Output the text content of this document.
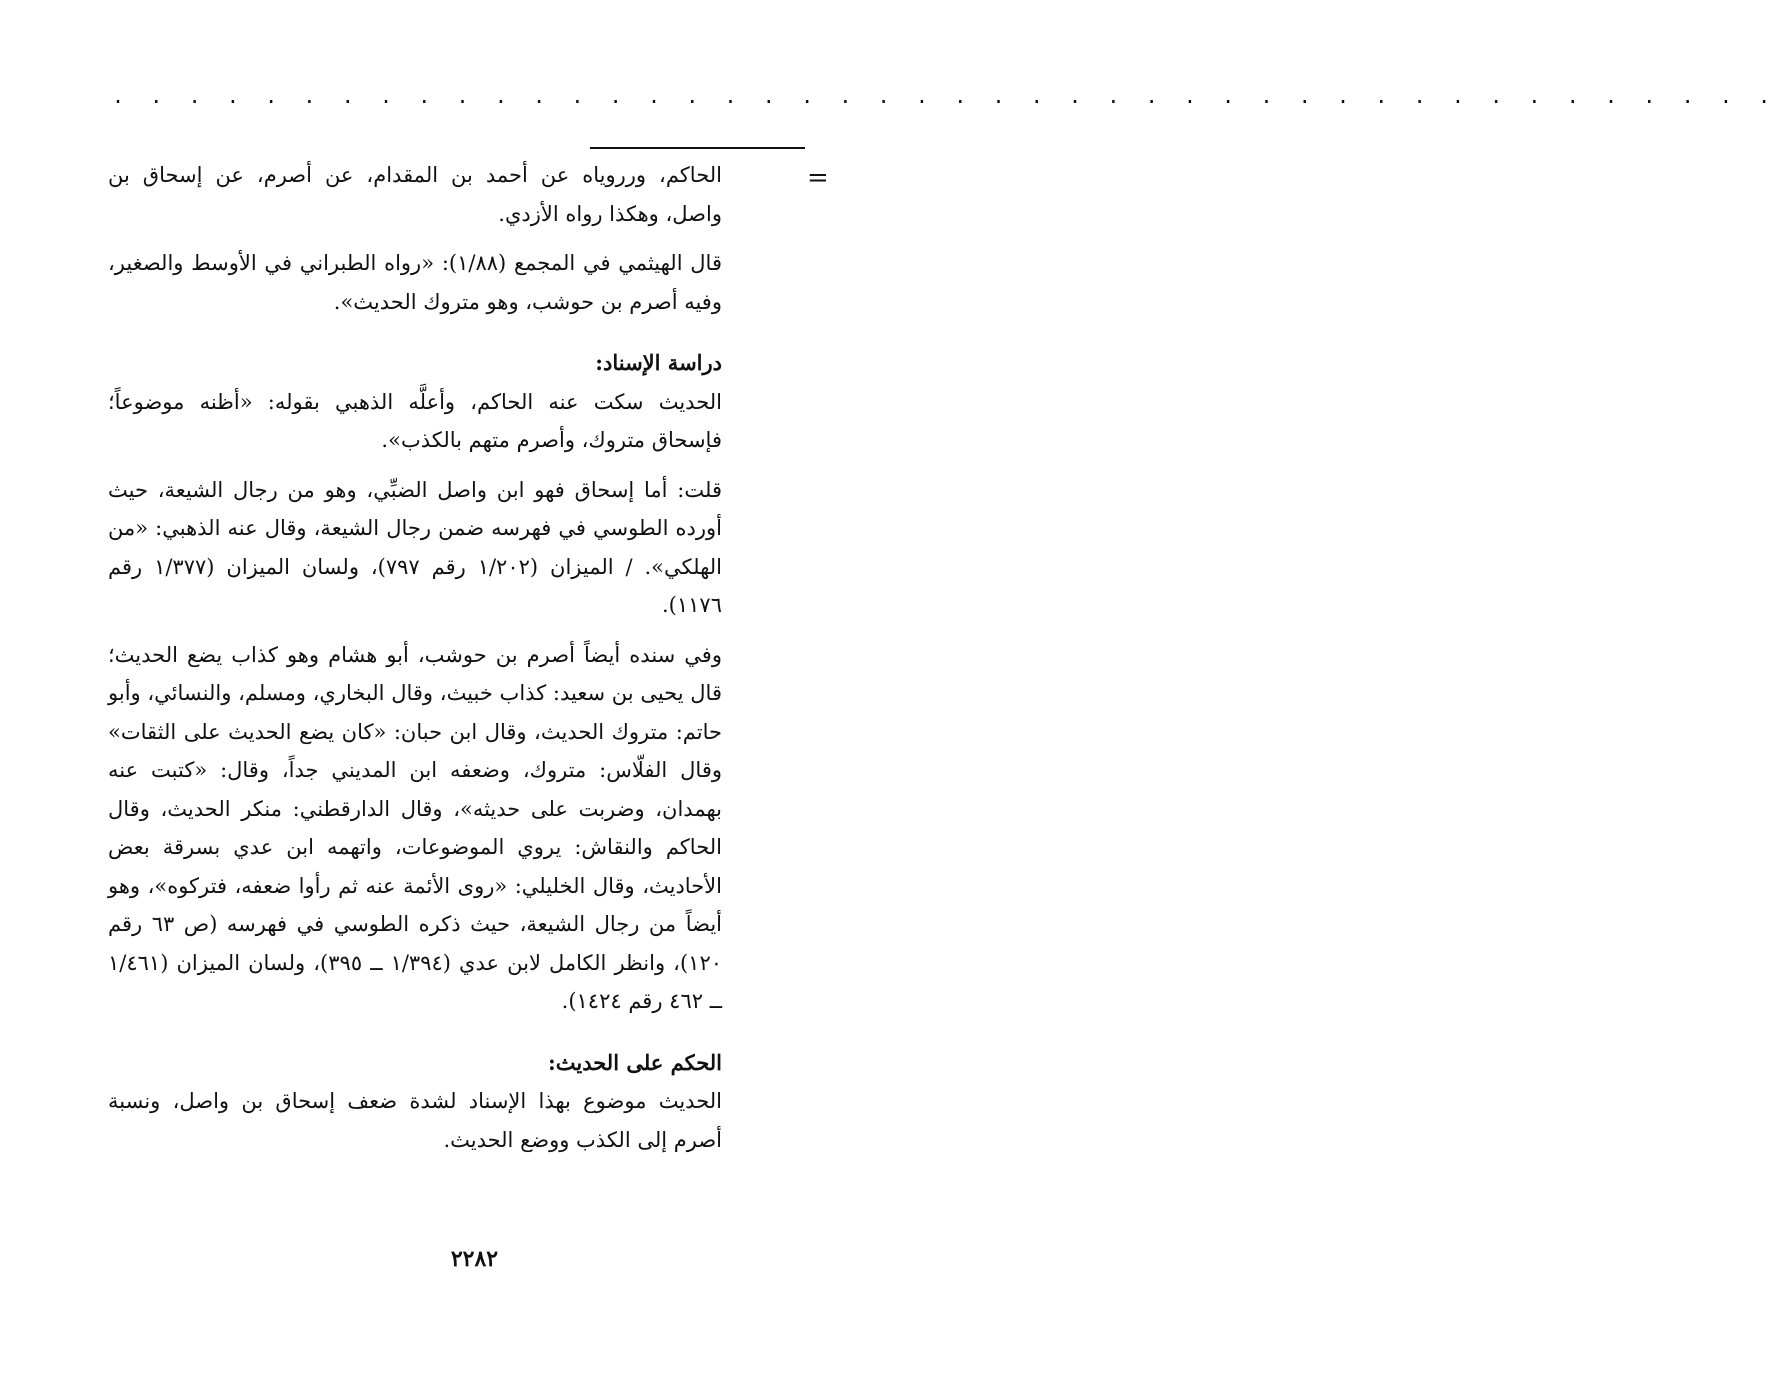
. . . . . . . . . . . . . . . . . . . . . . . . . . . . . . . . . . . . . . . . . . . .
=

الحاكم، ورروياه عن أحمد بن المقدام، عن أصرم، عن إسحاق بن واصل، وهكذا رواه الأزدي.

قال الهيثمي في المجمع (١/٨٨): «رواه الطبراني في الأوسط والصغير، وفيه أصرم بن حوشب، وهو متروك الحديث».

دراسة الإسناد:

الحديث سكت عنه الحاكم، وأعلَّه الذهبي بقوله: «أظنه موضوعاً؛ فإسحاق متروك، وأصرم متهم بالكذب».

قلت: أما إسحاق فهو ابن واصل الضبِّي، وهو من رجال الشيعة، حيث أورده الطوسي في فهرسه ضمن رجال الشيعة، وقال عنه الذهبي: «من الهلكي». / الميزان (١/٢٠٢ رقم ٧٩٧)، ولسان الميزان (١/٣٧٧ رقم ١١٧٦).

وفي سنده أيضاً أصرم بن حوشب، أبو هشام وهو كذاب يضع الحديث؛ قال يحيى بن سعيد: كذاب خبيث، وقال البخاري، ومسلم، والنسائي، وأبو حاتم: متروك الحديث، وقال ابن حبان: «كان يضع الحديث على الثقات» وقال الفلّاس: متروك، وضعفه ابن المديني جداً، وقال: «كتبت عنه بهمدان، وضربت على حديثه»، وقال الدارقطني: منكر الحديث، وقال الحاكم والنقاش: يروي الموضوعات، واتهمه ابن عدي بسرقة بعض الأحاديث، وقال الخليلي: «روى الأئمة عنه ثم رأوا ضعفه، فتركوه»، وهو أيضاً من رجال الشيعة، حيث ذكره الطوسي في فهرسه (ص ٦٣ رقم ١٢٠)، وانظر الكامل لابن عدي (١/٣٩٤ ــ ٣٩٥)، ولسان الميزان (١/٤٦١ ــ ٤٦٢ رقم ١٤٢٤).

الحكم على الحديث:

الحديث موضوع بهذا الإسناد لشدة ضعف إسحاق بن واصل، ونسبة أصرم إلى الكذب ووضع الحديث.

٢٢٨٢
